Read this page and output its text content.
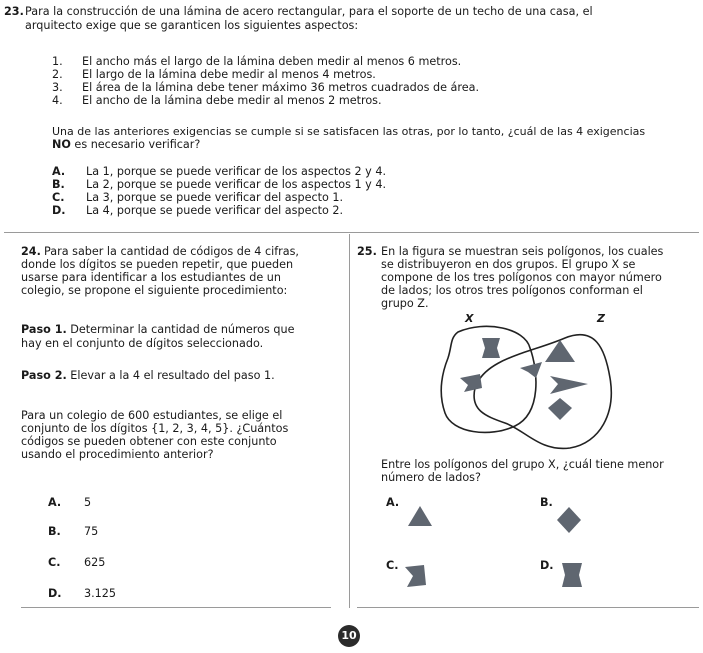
23. Para la construcción de una lámina de acero rectangular, para el soporte de un techo de una casa, el
arquitecto exige que se garanticen los siguientes aspectos:
1. El ancho más el largo de la lámina deben medir al menos 6 metros.
2. El largo de la lámina debe medir al menos 4 metros.
3. El área de la lámina debe tener máximo 36 metros cuadrados de área.
4. El ancho de la lámina debe medir al menos 2 metros.
Una de las anteriores exigencias se cumple si se satisfacen las otras, por lo tanto, ¿cuál de las 4 exigencias
NO es necesario verificar?
A. La 1, porque se puede verificar de los aspectos 2 y 4.
B. La 2, porque se puede verificar de los aspectos 1 y 4.
C. La 3, porque se puede verificar del aspecto 1.
D. La 4, porque se puede verificar del aspecto 2.
24. Para saber la cantidad de códigos de 4 cifras,
donde los dígitos se pueden repetir, que pueden
usarse para identificar a los estudiantes de un
colegio, se propone el siguiente procedimiento:
Paso 1. Determinar la cantidad de números que
hay en el conjunto de dígitos seleccionado.
Paso 2. Elevar a la 4 el resultado del paso 1.
Para un colegio de 600 estudiantes, se elige el
conjunto de los dígitos {1, 2, 3, 4, 5}. ¿Cuántos
códigos se pueden obtener con este conjunto
usando el procedimiento anterior?
A. 5
B. 75
C. 625
D. 3.125
25. En la figura se muestran seis polígonos, los cuales
se distribuyeron en dos grupos. El grupo X se
compone de los tres polígonos con mayor número
de lados; los otros tres polígonos conforman el
grupo Z.
X	Z
Entre los polígonos del grupo X, ¿cuál tiene menor
número de lados?
A.	B.
C.	D.
10
